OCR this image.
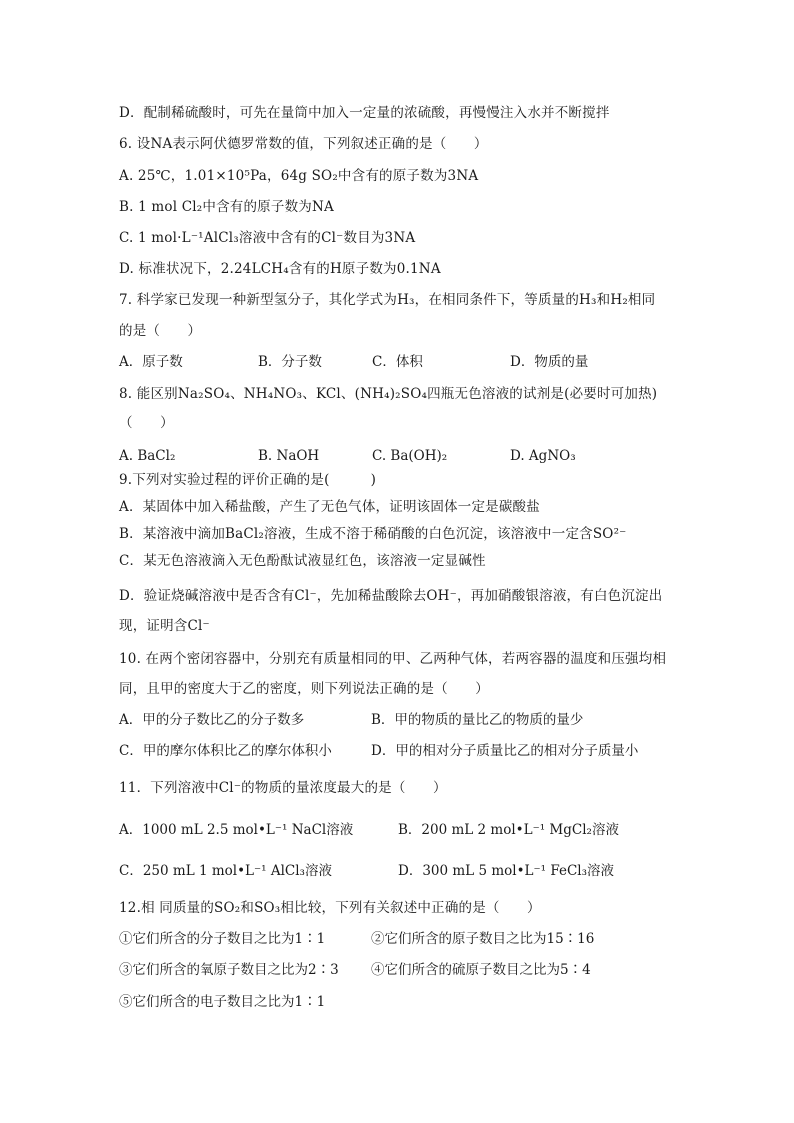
D．配制稀硫酸时，可先在量筒中加入一定量的浓硫酸，再慢慢注入水并不断搅拌
6. 设NA表示阿伏德罗常数的值，下列叙述正确的是（　　）
A. 25℃，1.01×10⁵Pa，64g SO₂中含有的原子数为3NA
B. 1 mol Cl₂中含有的原子数为NA
C. 1 mol·L⁻¹AlCl₃溶液中含有的Cl⁻数目为3NA
D. 标准状况下，2.24LCH₄含有的H原子数为0.1NA
7. 科学家已发现一种新型氢分子，其化学式为H₃，在相同条件下，等质量的H₃和H₂相同
的是（　　）
A．原子数	B．分子数	C．体积	D．物质的量
8. 能区别Na₂SO₄、NH₄NO₃、KCl、(NH₄)₂SO₄四瓶无色溶液的试剂是(必要时可加热)
（　　）
A. BaCl₂	B. NaOH	C. Ba(OH)₂	D. AgNO₃
9.下列对实验过程的评价正确的是(　　　)
A．某固体中加入稀盐酸，产生了无色气体，证明该固体一定是碳酸盐
B．某溶液中滴加BaCl₂溶液，生成不溶于稀硝酸的白色沉淀，该溶液中一定含SO²⁻
C．某无色溶液滴入无色酚酞试液显红色，该溶液一定显碱性
D．验证烧碱溶液中是否含有Cl⁻，先加稀盐酸除去OH⁻，再加硝酸银溶液，有白色沉淀出
现，证明含Cl⁻
10. 在两个密闭容器中，分别充有质量相同的甲、乙两种气体，若两容器的温度和压强均相
同，且甲的密度大于乙的密度，则下列说法正确的是（　　）
A．甲的分子数比乙的分子数多	B．甲的物质的量比乙的物质的量少
C．甲的摩尔体积比乙的摩尔体积小	D．甲的相对分子质量比乙的相对分子质量小
11．下列溶液中Cl⁻的物质的量浓度最大的是（　　）
A．1000 mL 2.5 mol•L⁻¹ NaCl溶液	B．200 mL 2 mol•L⁻¹ MgCl₂溶液
C．250 mL 1 mol•L⁻¹ AlCl₃溶液	D．300 mL 5 mol•L⁻¹ FeCl₃溶液
12.相 同质量的SO₂和SO₃相比较，下列有关叙述中正确的是（　　）
①它们所含的分子数目之比为1∶1	②它们所含的原子数目之比为15∶16
③它们所含的氧原子数目之比为2∶3 ④它们所含的硫原子数目之比为5∶4
⑤它们所含的电子数目之比为1∶1
